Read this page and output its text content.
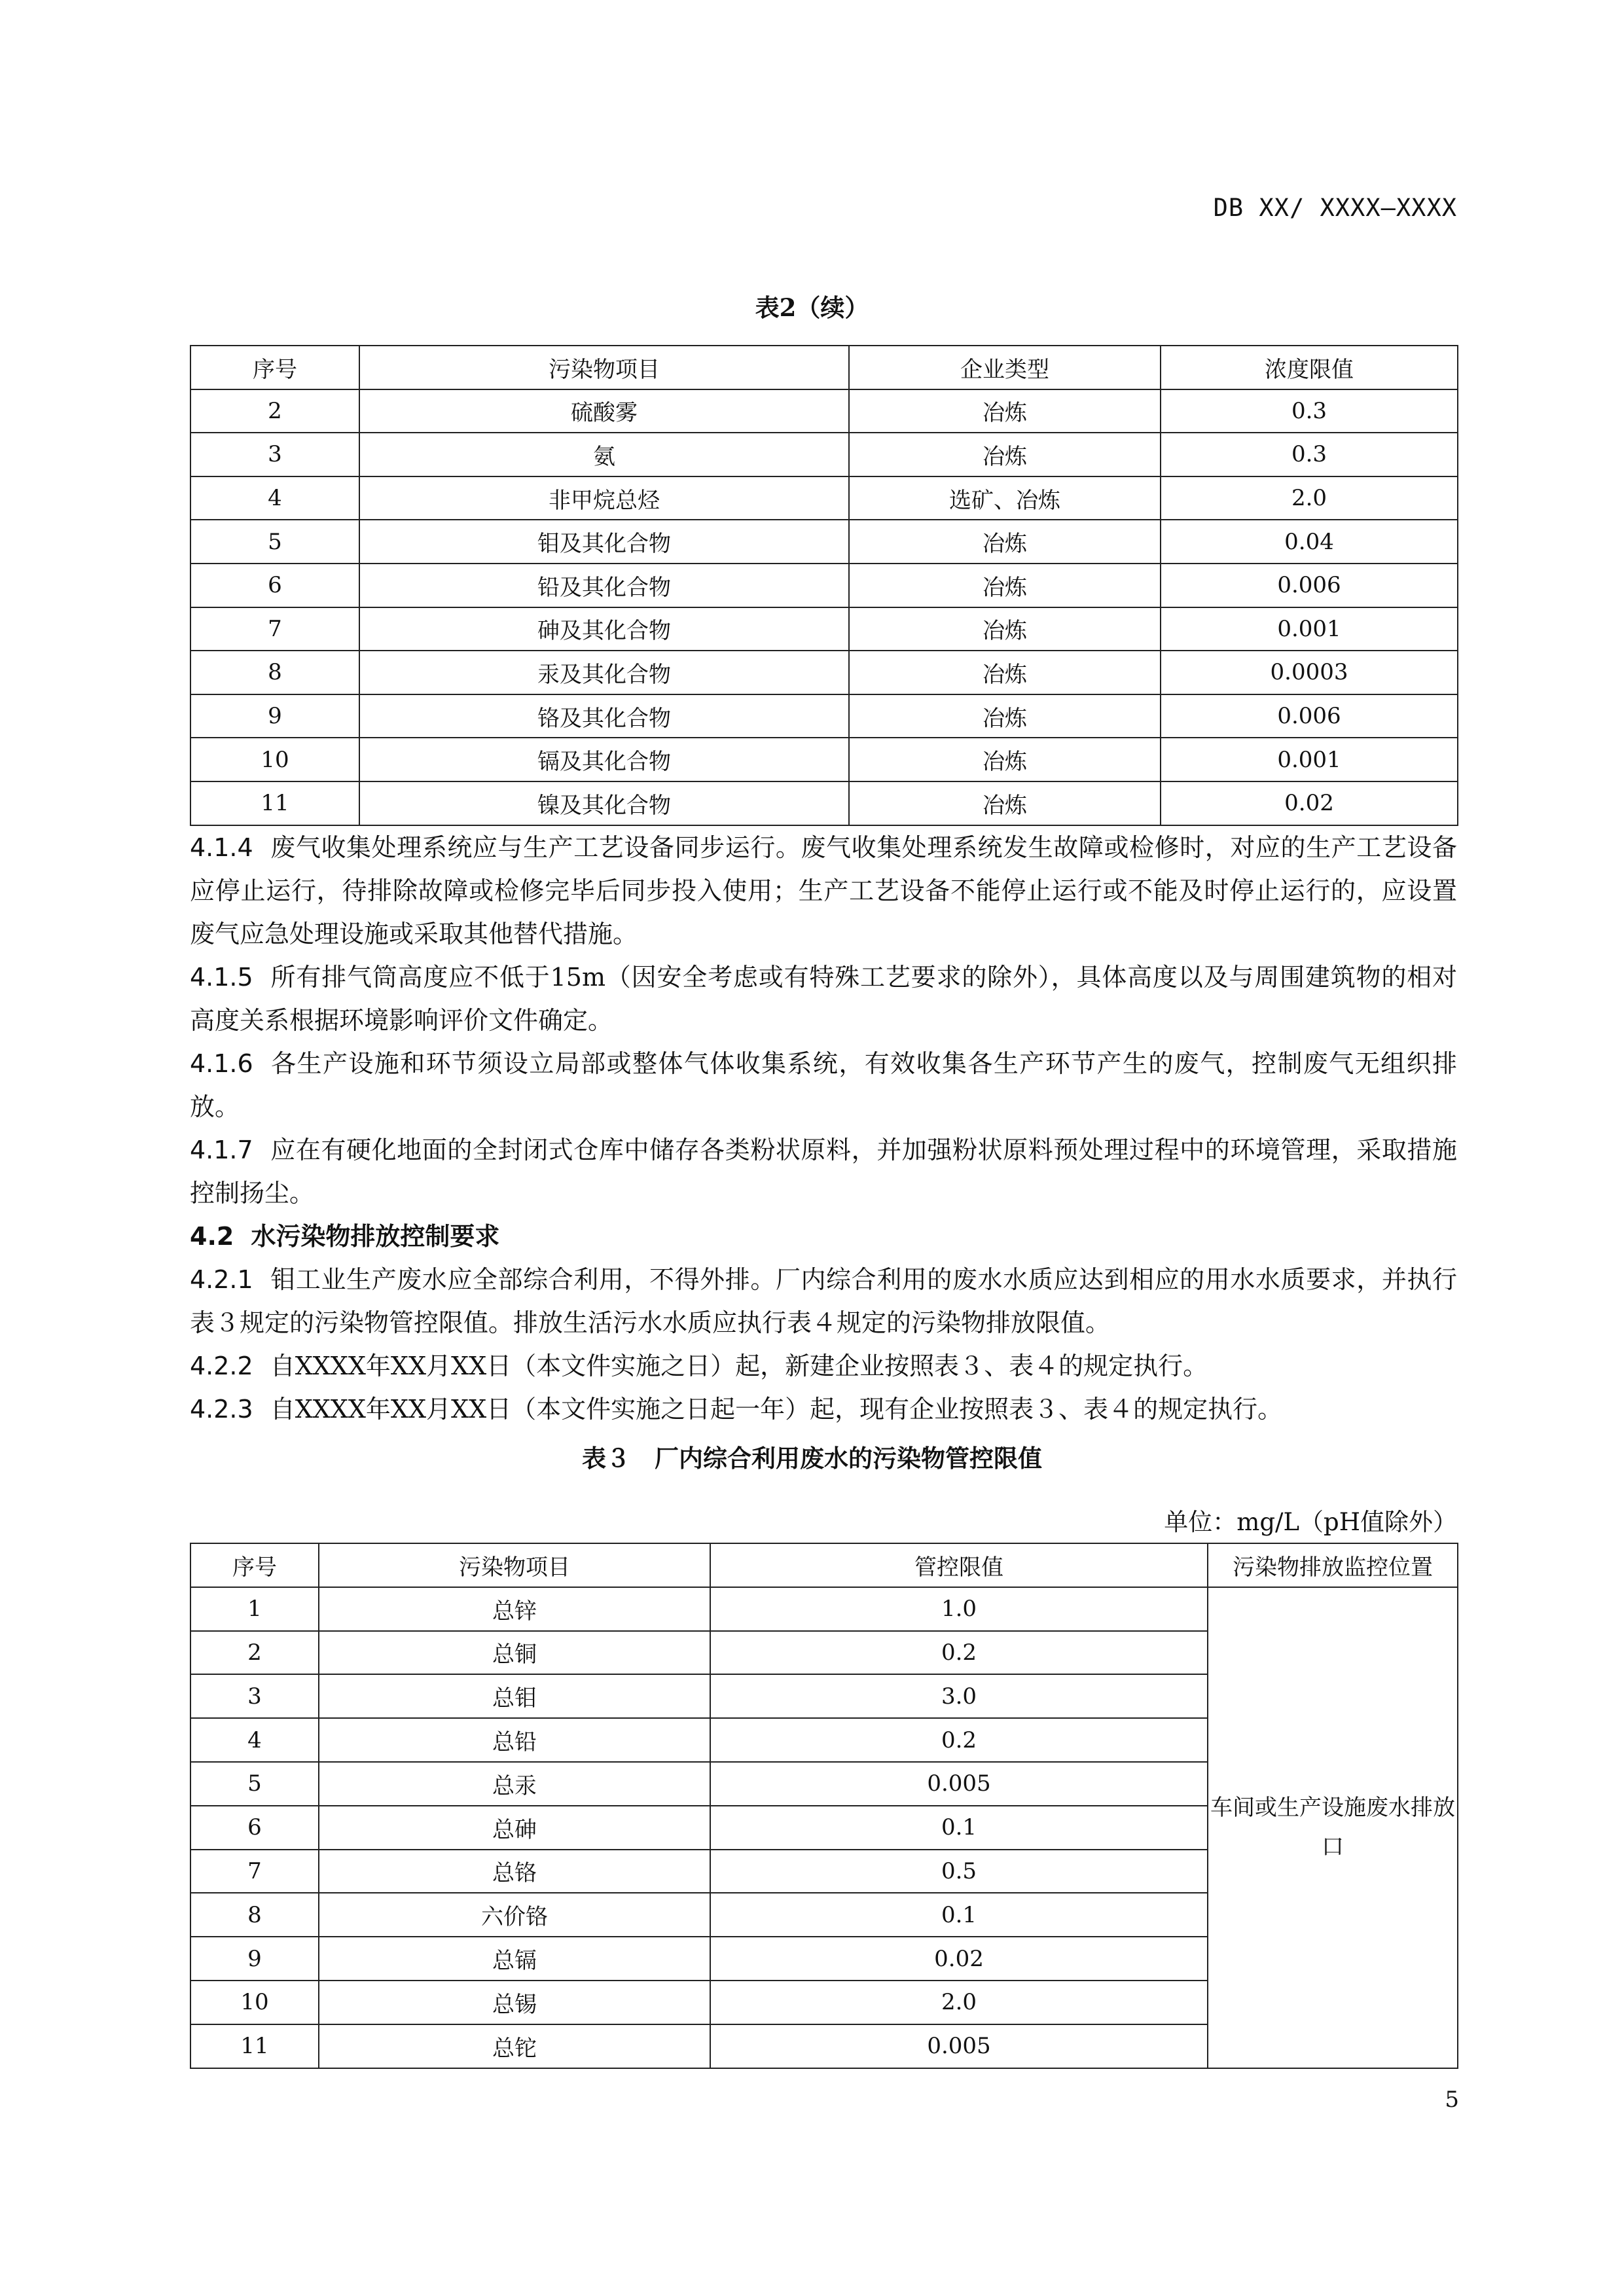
DB XX/ XXXX—XXXX
表2（续）
序号	污染物项目	企业类型	浓度限值
2	硫酸雾	冶炼	0.3
3	氨	冶炼	0.3
4	非甲烷总烃	选矿、冶炼	2.0
5	钼及其化合物	冶炼	0.04
6	铅及其化合物	冶炼	0.006
7	砷及其化合物	冶炼	0.001
8	汞及其化合物	冶炼	0.0003
9	铬及其化合物	冶炼	0.006
10	镉及其化合物	冶炼	0.001
11	镍及其化合物	冶炼	0.02

4.1.4 废气收集处理系统应与生产工艺设备同步运行。废气收集处理系统发生故障或检修时，对应的生产工艺设备应停止运行，待排除故障或检修完毕后同步投入使用；生产工艺设备不能停止运行或不能及时停止运行的，应设置废气应急处理设施或采取其他替代措施。

4.1.5 所有排气筒高度应不低于15m（因安全考虑或有特殊工艺要求的除外），具体高度以及与周围建筑物的相对高度关系根据环境影响评价文件确定。

4.1.6 各生产设施和环节须设立局部或整体气体收集系统，有效收集各生产环节产生的废气，控制废气无组织排放。

4.1.7 应在有硬化地面的全封闭式仓库中储存各类粉状原料，并加强粉状原料预处理过程中的环境管理，采取措施控制扬尘。

4.2 水污染物排放控制要求

4.2.1 钼工业生产废水应全部综合利用，不得外排。厂内综合利用的废水水质应达到相应的用水水质要求，并执行表３规定的污染物管控限值。排放生活污水水质应执行表４规定的污染物排放限值。

4.2.2 自XXXX年XX月XX日（本文件实施之日）起，新建企业按照表３、表４的规定执行。

4.2.3 自XXXX年XX月XX日（本文件实施之日起一年）起，现有企业按照表３、表４的规定执行。

表３　厂内综合利用废水的污染物管控限值
单位：mg/L（pH值除外）
序号	污染物项目	管控限值	污染物排放监控位置
1	总锌	1.0	车间或生产设施废水排放口
2	总铜	0.2	
3	总钼	3.0	
4	总铅	0.2	
5	总汞	0.005	
6	总砷	0.1	
7	总铬	0.5	
8	六价铬	0.1	
9	总镉	0.02	
10	总锡	2.0	
11	总铊	0.005	
5
